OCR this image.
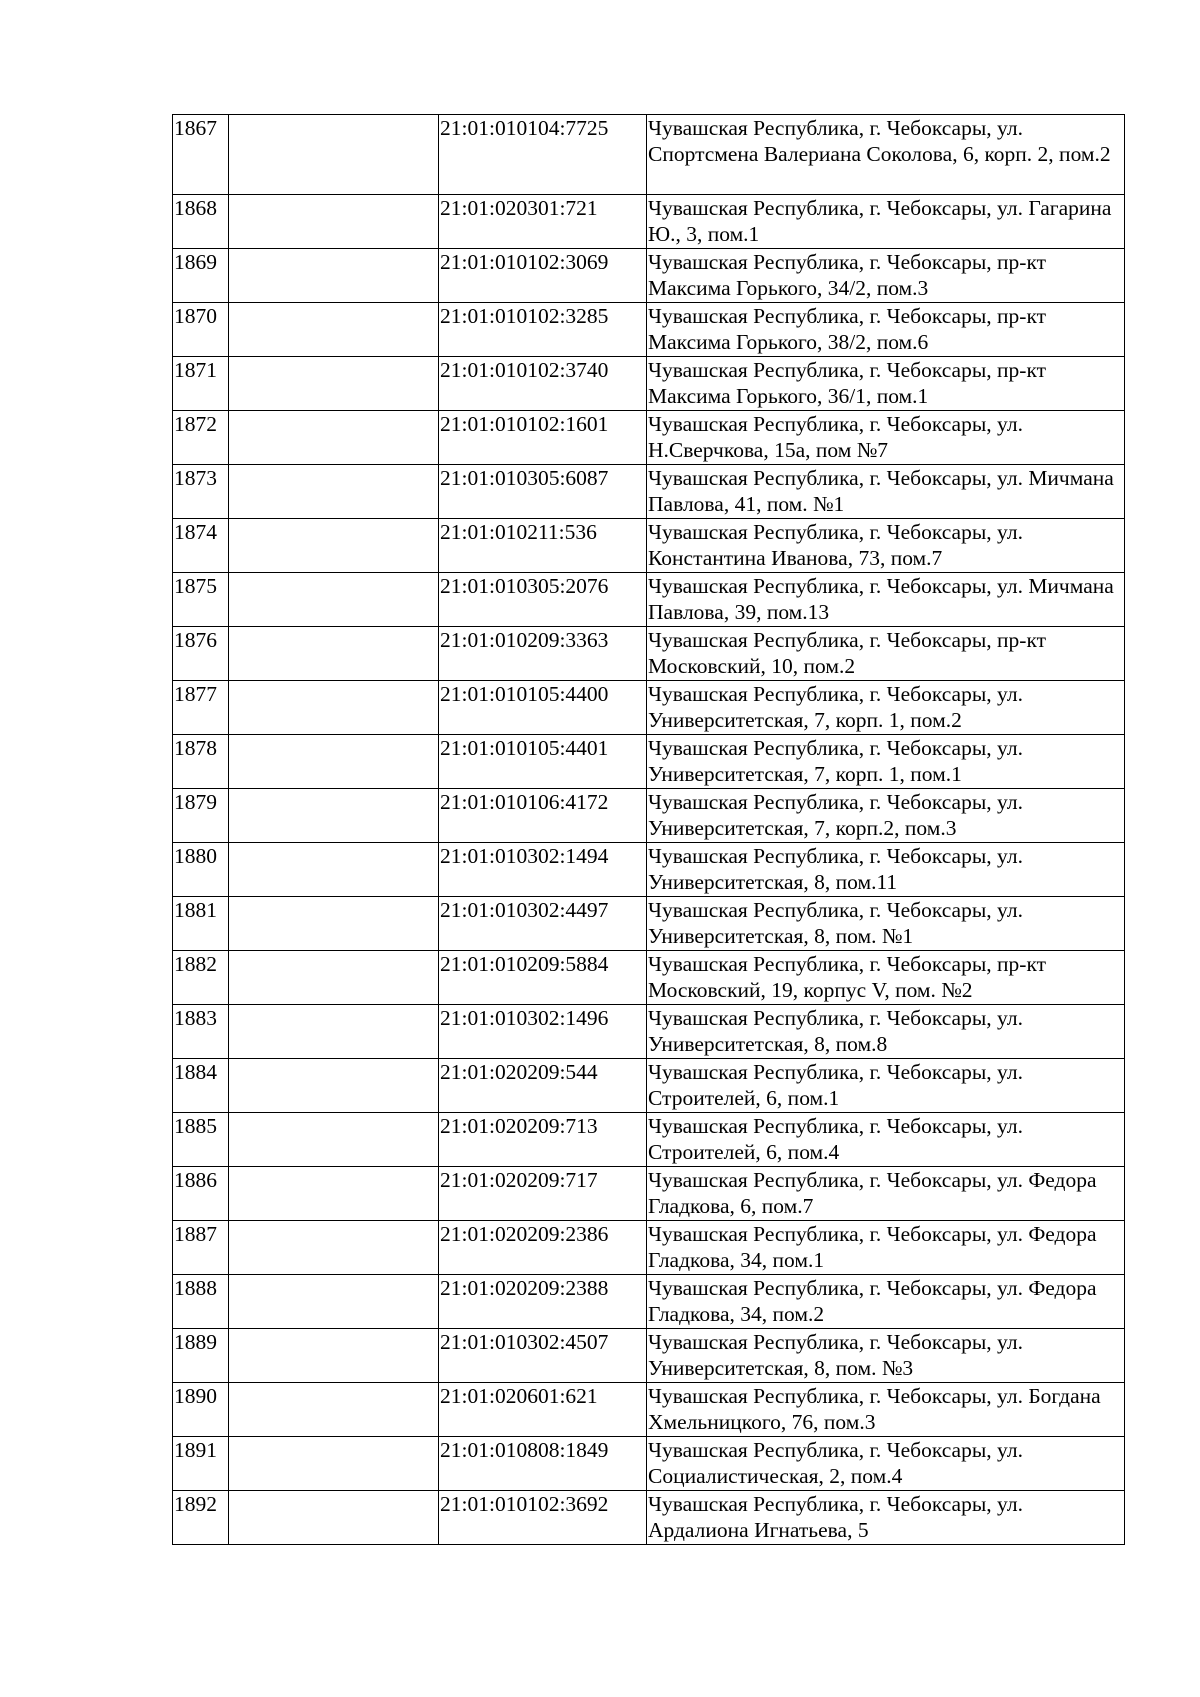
1867		21:01:010104:7725	Чувашская Республика, г. Чебоксары, ул. Спортсмена Валериана Соколова, 6, корп. 2, пом.2
1868		21:01:020301:721	Чувашская Республика, г. Чебоксары, ул. Гагарина Ю., 3, пом.1
1869		21:01:010102:3069	Чувашская Республика, г. Чебоксары, пр-кт Максима Горького, 34/2, пом.3
1870		21:01:010102:3285	Чувашская Республика, г. Чебоксары, пр-кт Максима Горького, 38/2, пом.6
1871		21:01:010102:3740	Чувашская Республика, г. Чебоксары, пр-кт Максима Горького, 36/1, пом.1
1872		21:01:010102:1601	Чувашская Республика, г. Чебоксары, ул. Н.Сверчкова, 15а, пом №7
1873		21:01:010305:6087	Чувашская Республика, г. Чебоксары, ул. Мичмана Павлова, 41, пом. №1
1874		21:01:010211:536	Чувашская Республика, г. Чебоксары, ул. Константина Иванова, 73, пом.7
1875		21:01:010305:2076	Чувашская Республика, г. Чебоксары, ул. Мичмана Павлова, 39, пом.13
1876		21:01:010209:3363	Чувашская Республика, г. Чебоксары, пр-кт Московский, 10, пом.2
1877		21:01:010105:4400	Чувашская Республика, г. Чебоксары, ул. Университетская, 7, корп. 1, пом.2
1878		21:01:010105:4401	Чувашская Республика, г. Чебоксары, ул. Университетская, 7, корп. 1, пом.1
1879		21:01:010106:4172	Чувашская Республика, г. Чебоксары, ул. Университетская, 7, корп.2, пом.3
1880		21:01:010302:1494	Чувашская Республика, г. Чебоксары, ул. Университетская, 8, пом.11
1881		21:01:010302:4497	Чувашская Республика, г. Чебоксары, ул. Университетская, 8, пом. №1
1882		21:01:010209:5884	Чувашская Республика, г. Чебоксары, пр-кт Московский, 19, корпус V, пом. №2
1883		21:01:010302:1496	Чувашская Республика, г. Чебоксары, ул. Университетская, 8, пом.8
1884		21:01:020209:544	Чувашская Республика, г. Чебоксары, ул. Строителей, 6, пом.1
1885		21:01:020209:713	Чувашская Республика, г. Чебоксары, ул. Строителей, 6, пом.4
1886		21:01:020209:717	Чувашская Республика, г. Чебоксары, ул. Федора Гладкова, 6, пом.7
1887		21:01:020209:2386	Чувашская Республика, г. Чебоксары, ул. Федора Гладкова, 34, пом.1
1888		21:01:020209:2388	Чувашская Республика, г. Чебоксары, ул. Федора Гладкова, 34, пом.2
1889		21:01:010302:4507	Чувашская Республика, г. Чебоксары, ул. Университетская, 8, пом. №3
1890		21:01:020601:621	Чувашская Республика, г. Чебоксары, ул. Богдана Хмельницкого, 76, пом.3
1891		21:01:010808:1849	Чувашская Республика, г. Чебоксары, ул. Социалистическая, 2, пом.4
1892		21:01:010102:3692	Чувашская Республика, г. Чебоксары, ул. Ардалиона Игнатьева, 5
